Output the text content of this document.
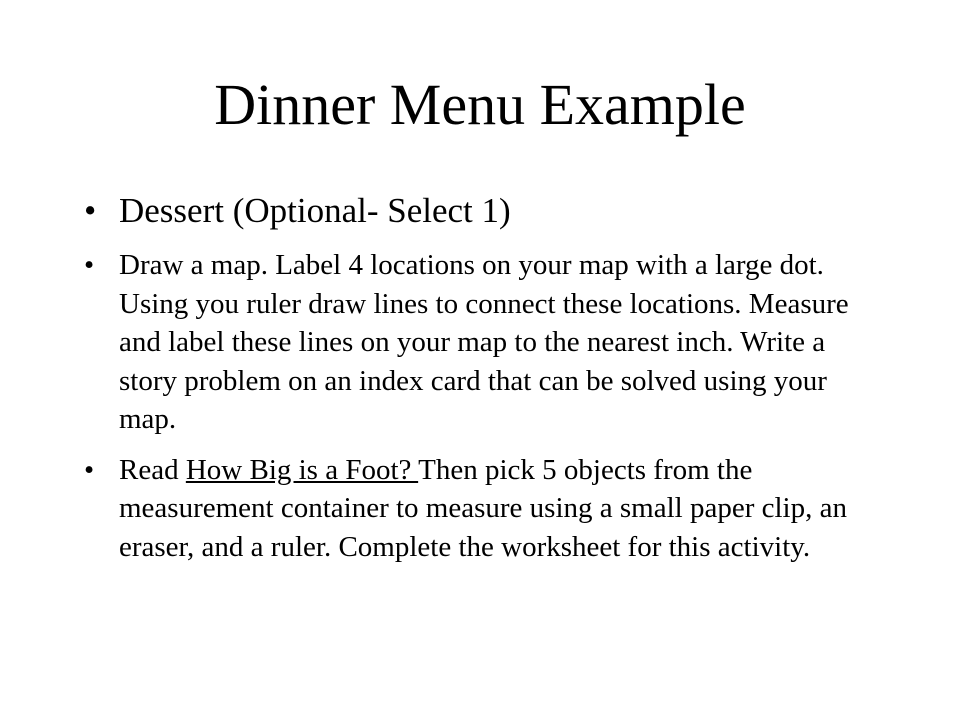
Dinner Menu Example
• Dessert (Optional- Select 1)
• Draw a map. Label 4 locations on your map with a large dot. Using you ruler draw lines to connect these locations. Measure and label these lines on your map to the nearest inch. Write a story problem on an index card that can be solved using your map.
• Read How Big is a Foot? Then pick 5 objects from the measurement container to measure using a small paper clip, an eraser, and a ruler. Complete the worksheet for this activity.
